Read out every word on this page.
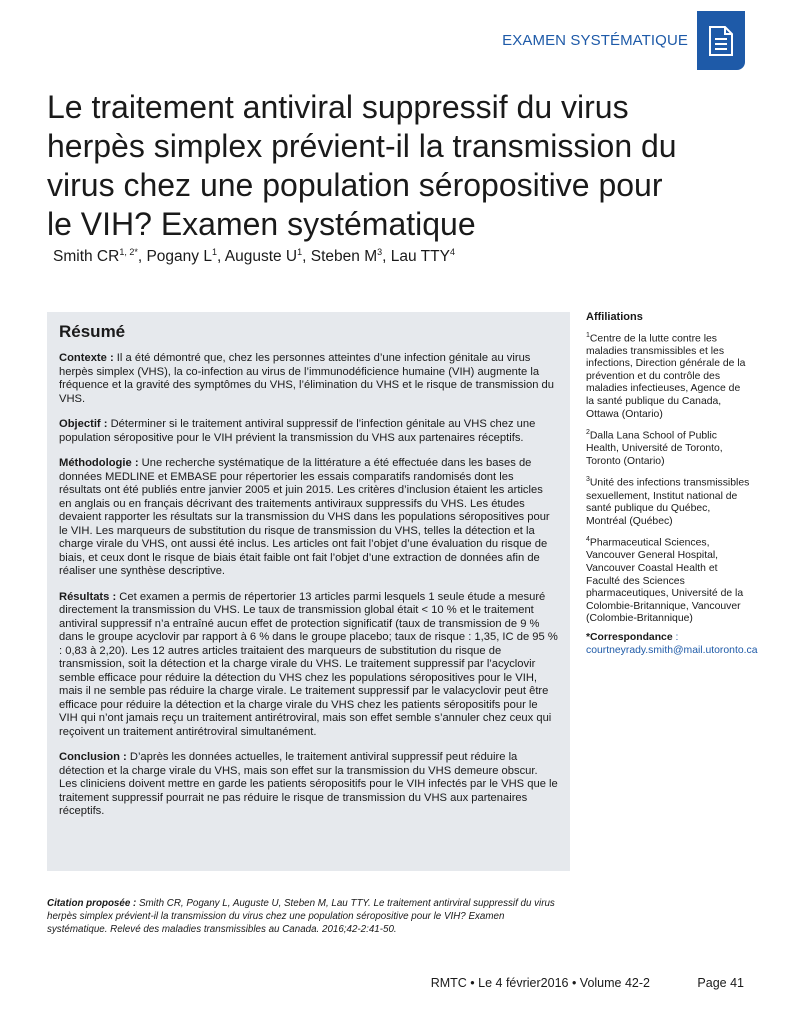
EXAMEN SYSTÉMATIQUE
Le traitement antiviral suppressif du virus herpès simplex prévient-il la transmission du virus chez une population séropositive pour le VIH? Examen systématique
Smith $CR^{1, 2*}$, Pogany $L^1$, Auguste $U^1$, Steben $M^3$, Lau TTY$^4$
Résumé

Contexte : Il a été démontré que, chez les personnes atteintes d’une infection génitale au virus herpès simplex (VHS), la co-infection au virus de l’immunodéficience humaine (VIH) augmente la fréquence et la gravité des symptômes du VHS, l’élimination du VHS et le risque de transmission du VHS.

Objectif : Déterminer si le traitement antiviral suppressif de l’infection génitale au VHS chez une population séropositive pour le VIH prévient la transmission du VHS aux partenaires réceptifs.

Méthodologie : Une recherche systématique de la littérature a été effectuée dans les bases de données MEDLINE et EMBASE pour répertorier les essais comparatifs randomisés dont les résultats ont été publiés entre janvier 2005 et juin 2015. Les critères d’inclusion étaient les articles en anglais ou en français décrivant des traitements antiviraux suppressifs du VHS. Les études devaient rapporter les résultats sur la transmission du VHS dans les populations séropositives pour le VIH. Les marqueurs de substitution du risque de transmission du VHS, telles la détection et la charge virale du VHS, ont aussi été inclus. Les articles ont fait l’objet d’une évaluation du risque de biais, et ceux dont le risque de biais était faible ont fait l’objet d’une extraction de données afin de réaliser une synthèse descriptive.

Résultats : Cet examen a permis de répertorier 13 articles parmi lesquels 1 seule étude a mesuré directement la transmission du VHS. Le taux de transmission global était < 10 % et le traitement antiviral suppressif n’a entraîné aucun effet de protection significatif (taux de transmission de 9 % dans le groupe acyclovir par rapport à 6 % dans le groupe placebo; taux de risque : 1,35, IC de 95 % : 0,83 à 2,20). Les 12 autres articles traitaient des marqueurs de substitution du risque de transmission, soit la détection et la charge virale du VHS. Le traitement suppressif par l’acyclovir semble efficace pour réduire la détection du VHS chez les populations séropositives pour le VIH, mais il ne semble pas réduire la charge virale. Le traitement suppressif par le valacyclovir peut être efficace pour réduire la détection et la charge virale du VHS chez les patients séropositifs pour le VIH qui n’ont jamais reçu un traitement antirétroviral, mais son effet semble s’annuler chez ceux qui reçoivent un traitement antirétroviral simultanément.

Conclusion : D’après les données actuelles, le traitement antiviral suppressif peut réduire la détection et la charge virale du VHS, mais son effet sur la transmission du VHS demeure obscur. Les cliniciens doivent mettre en garde les patients séropositifs pour le VIH infectés par le VHS que le traitement suppressif pourrait ne pas réduire le risque de transmission du VHS aux partenaires réceptifs.

Affiliations

$^1$Centre de la lutte contre les maladies transmissibles et les infections, Direction générale de la prévention et du contrôle des maladies infectieuses, Agence de la santé publique du Canada, Ottawa (Ontario)

$^2$Dalla Lana School of Public Health, Université de Toronto, Toronto (Ontario)

$^3$Unité des infections transmissibles sexuellement, Institut national de santé publique du Québec, Montréal (Québec)

$^4$Pharmaceutical Sciences, Vancouver General Hospital, Vancouver Coastal Health et Faculté des Sciences pharmaceutiques, Université de la Colombie-Britannique, Vancouver (Colombie-Britannique)

*Correspondance : courtneyrady.smith@mail.utoronto.ca

Citation proposée : Smith CR, Pogany L, Auguste U, Steben M, Lau TTY. Le traitement antirviral suppressif du virus herpès simplex prévient-il la transmission du virus chez une population séropositive pour le VIH? Examen systématique. Relevé des maladies transmissibles au Canada. 2016;42-2:41-50.
RMTC • Le 4 février2016 • Volume 42-2	Page 41
